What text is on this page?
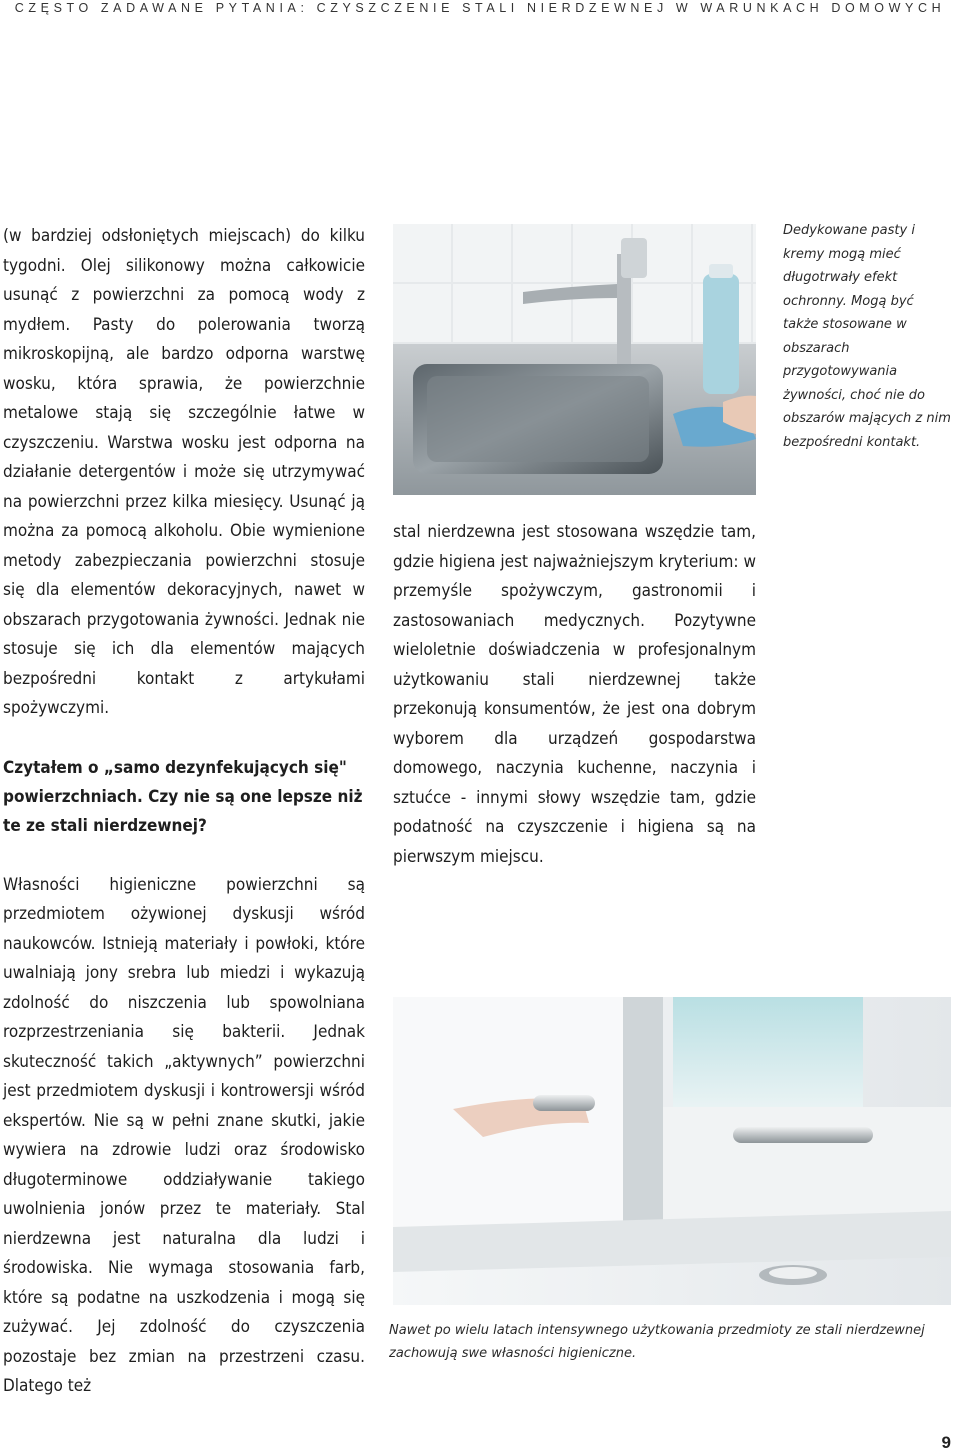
CZĘSTO ZADAWANE PYTANIA: CZYSZCZENIE STALI NIERDZEWNEJ W WARUNKACH DOMOWYCH

(w bardziej odsłoniętych miejscach) do kilku tygodni. Olej silikonowy można całkowicie usunąć z powierzchni za pomocą wody z mydłem. Pasty do polerowania tworzą mikroskopijną, ale bardzo odporna warstwę wosku, która sprawia, że powierzchnie metalowe stają się szczególnie łatwe w czyszczeniu. Warstwa wosku jest odporna na działanie detergentów i może się utrzymywać na powierzchni przez kilka miesięcy. Usunąć ją można za pomocą alkoholu. Obie wymienione metody zabezpieczania powierzchni stosuje się dla elementów dekoracyjnych, nawet w obszarach przygotowania żywności. Jednak nie stosuje się ich dla elementów mających bezpośredni kontakt z artykułami spożywczymi.

Czytałem o „samo dezynfekujących się" powierzchniach. Czy nie są one lepsze niż te ze stali nierdzewnej?

Własności higieniczne powierzchni są przedmiotem ożywionej dyskusji wśród naukowców. Istnieją materiały i powłoki, które uwalniają jony srebra lub miedzi i wykazują zdolność do niszczenia lub spowolniana rozprzestrzeniania się bakterii. Jednak skuteczność takich „aktywnych” powierzchni jest przedmiotem dyskusji i kontrowersji wśród ekspertów. Nie są w pełni znane skutki, jakie wywiera na zdrowie ludzi oraz środowisko długoterminowe oddziaływanie takiego uwolnienia jonów przez te materiały. Stal nierdzewna jest naturalna dla ludzi i środowiska. Nie wymaga stosowania farb, które są podatne na uszkodzenia i mogą się zużywać. Jej zdolność do czyszczenia pozostaje bez zmian na przestrzeni czasu. Dlatego też

Dedykowane pasty i kremy mogą mieć długotrwały efekt ochronny. Mogą być także stosowane w obszarach przygotowywania żywności, choć nie do obszarów mających z nim bezpośredni kontakt.

stal nierdzewna jest stosowana wszędzie tam, gdzie higiena jest najważniejszym kryterium: w przemyśle spożywczym, gastronomii i zastosowaniach medycznych. Pozytywne wieloletnie doświadczenia w profesjonalnym użytkowaniu stali nierdzewnej także przekonują konsumentów, że jest ona dobrym wyborem dla urządzeń gospodarstwa domowego, naczynia kuchenne, naczynia i sztućce - innymi słowy wszędzie tam, gdzie podatność na czyszczenie i higiena są na pierwszym miejscu.

Nawet po wielu latach intensywnego użytkowania przedmioty ze stali nierdzewnej zachowują swe własności higieniczne.
9
